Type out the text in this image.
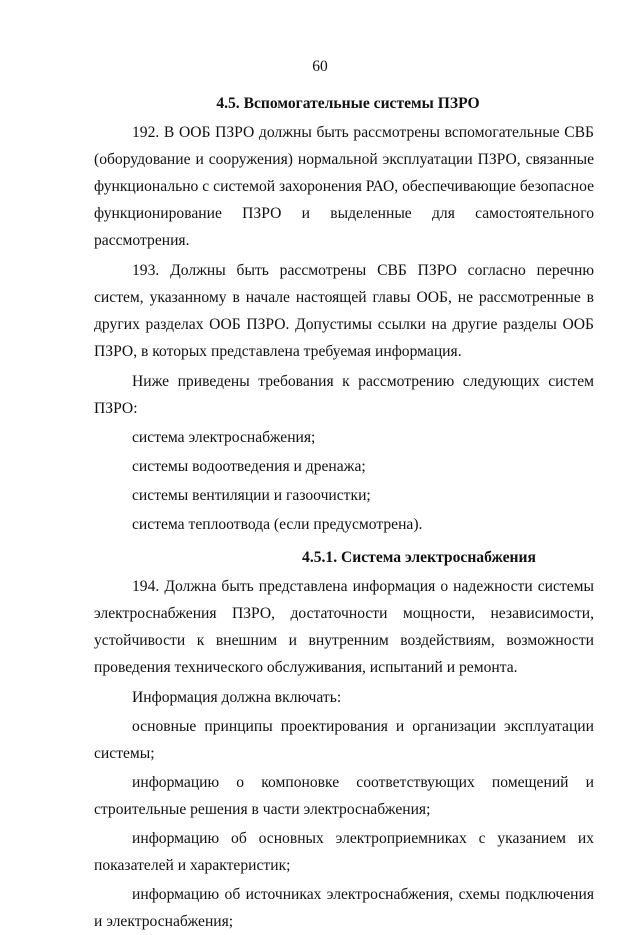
60
4.5. Вспомогательные системы ПЗРО

192. В ООБ ПЗРО должны быть рассмотрены вспомогательные СВБ (оборудование и сооружения) нормальной эксплуатации ПЗРО, связанные функционально с системой захоронения РАО, обеспечивающие безопасное функционирование ПЗРО и выделенные для самостоятельного рассмотрения.

193. Должны быть рассмотрены СВБ ПЗРО согласно перечню систем, указанному в начале настоящей главы ООБ, не рассмотренные в других разделах ООБ ПЗРО. Допустимы ссылки на другие разделы ООБ ПЗРО, в которых представлена требуемая информация.

Ниже приведены требования к рассмотрению следующих систем ПЗРО:

система электроснабжения;

системы водоотведения и дренажа;

системы вентиляции и газоочистки;

система теплоотвода (если предусмотрена).

4.5.1. Система электроснабжения

194. Должна быть представлена информация о надежности системы электроснабжения ПЗРО, достаточности мощности, независимости, устойчивости к внешним и внутренним воздействиям, возможности проведения технического обслуживания, испытаний и ремонта.

Информация должна включать:

основные принципы проектирования и организации эксплуатации системы;

информацию о компоновке соответствующих помещений и строительные решения в части электроснабжения;

информацию об основных электроприемниках с указанием их показателей и характеристик;

информацию об источниках электроснабжения, схемы подключения и электроснабжения;
